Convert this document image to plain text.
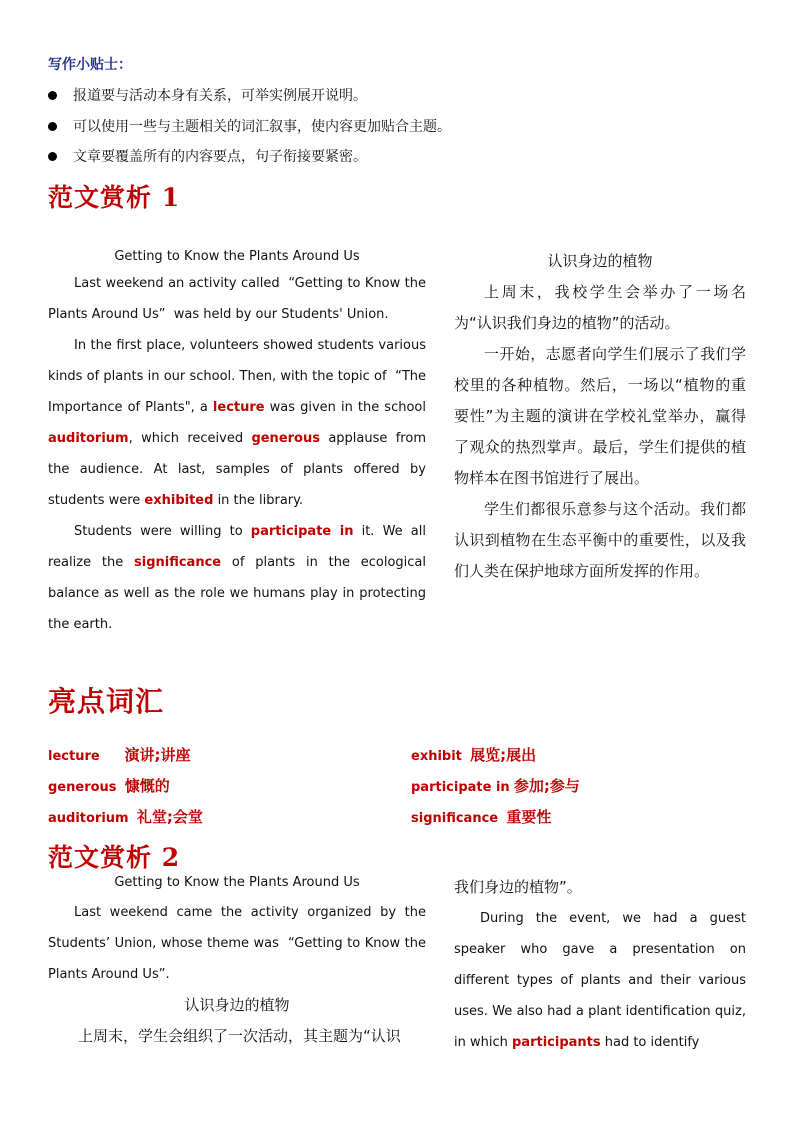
写作小贴士：
报道要与活动本身有关系，可举实例展开说明。
可以使用一些与主题相关的词汇叙事，使内容更加贴合主题。
文章要覆盖所有的内容要点，句子衔接要紧密。
范文赏析 1

Getting to Know the Plants Around Us

Last weekend an activity called  “Getting to Know the Plants Around Us”  was held by our Students' Union.

In the first place, volunteers showed students various kinds of plants in our school. Then, with the topic of  “The Importance of Plants", a lecture was given in the school auditorium, which received generous applause from the audience. At last, samples of plants offered by students were exhibited in the library.

Students were willing to participate in it. We all realize the significance of plants in the ecological balance as well as the role we humans play in protecting the earth.

认识身边的植物

上周末，我校学生会举办了一场名为“认识我们身边的植物”的活动。

一开始，志愿者向学生们展示了我们学校里的各种植物。然后，一场以“植物的重要性”为主题的演讲在学校礼堂举办，赢得了观众的热烈掌声。最后，学生们提供的植物样本在图书馆进行了展出。

学生们都很乐意参与这个活动。我们都认识到植物在生态平衡中的重要性，以及我们人类在保护地球方面所发挥的作用。

亮点词汇
lecture 演讲;讲座
generous 慷慨的
auditorium 礼堂;会堂
exhibit 展览;展出
participate in 参加;参与
significance 重要性
范文赏析 2

Getting to Know the Plants Around Us

Last weekend came the activity organized by the Students’ Union, whose theme was  “Getting to Know the Plants Around Us”.

认识身边的植物

上周末，学生会组织了一次活动，其主题为“认识

我们身边的植物”。

During the event, we had a guest speaker who gave a presentation on different types of plants and their various uses. We also had a plant identification quiz, in which participants had to identify
